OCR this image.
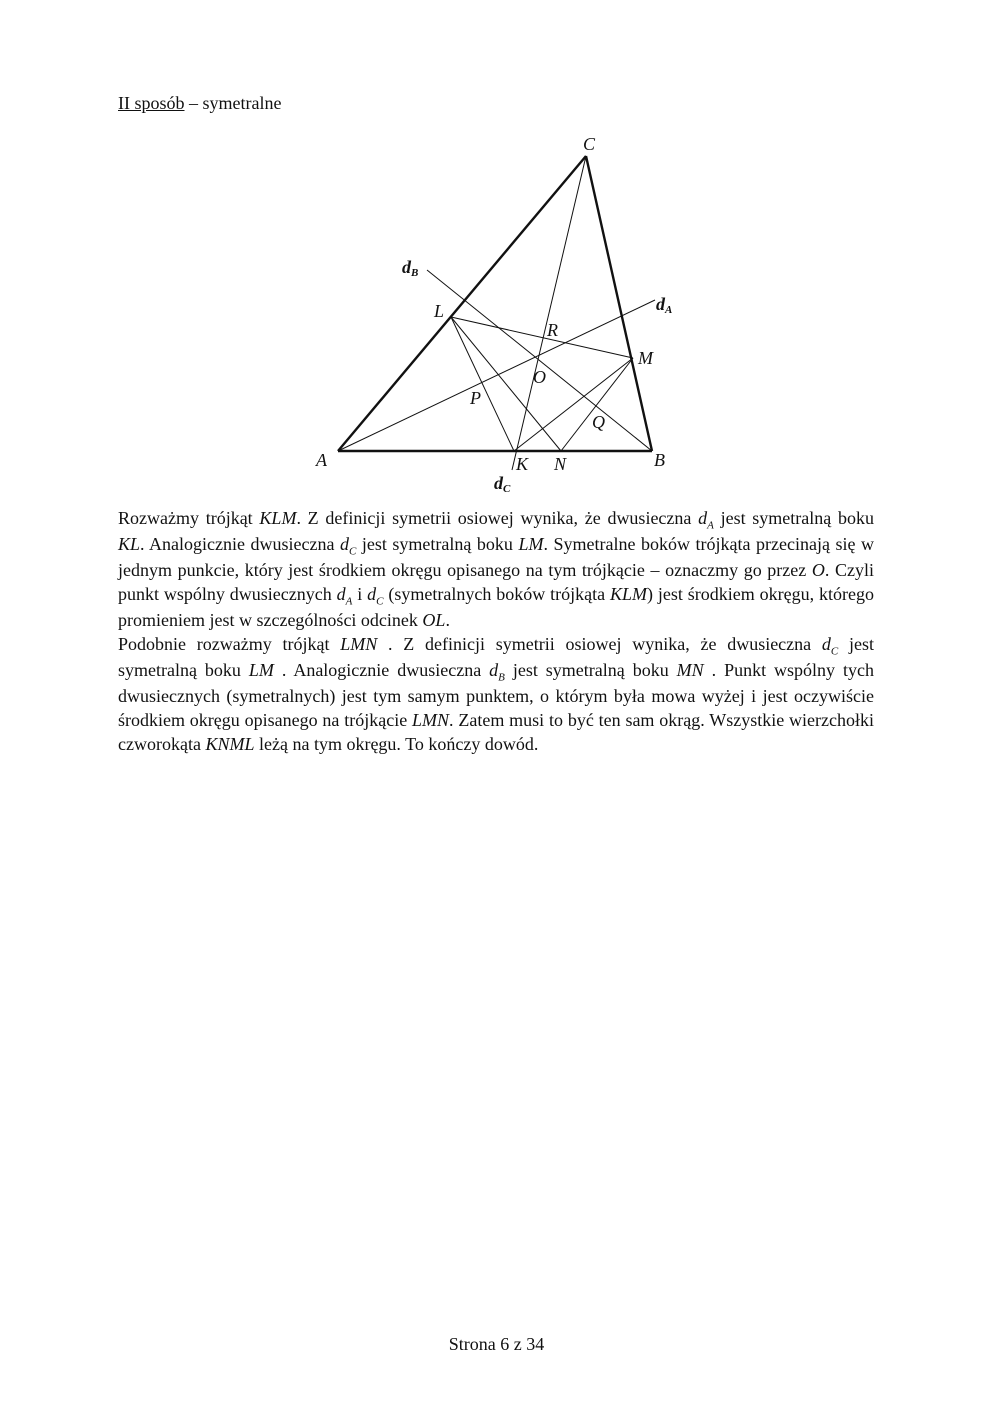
II sposób – symetralne
C
A	B
K N
L
M
R
O
P
Q
dA
dB
dC

Rozważmy trójkąt KLM. Z definicji symetrii osiowej wynika, że dwusieczna $d_A$ jest symetralną boku KL. Analogicznie dwusieczna $d_C$ jest symetralną boku LM. Symetralne boków trójkąta przecinają się w jednym punkcie, który jest środkiem okręgu opisanego na tym trójkącie – oznaczmy go przez O. Czyli punkt wspólny dwusiecznych $d_A$ i $d_C$ (symetralnych boków trójkąta KLM) jest środkiem okręgu, którego promieniem jest w szczególności odcinek OL.

Podobnie rozważmy trójkąt LMN . Z definicji symetrii osiowej wynika, że dwusieczna $d_C$ jest symetralną boku LM . Analogicznie dwusieczna $d_B$ jest symetralną boku MN . Punkt wspólny tych dwusiecznych (symetralnych) jest tym samym punktem, o którym była mowa wyżej i jest oczywiście środkiem okręgu opisanego na trójkącie LMN. Zatem musi to być ten sam okrąg. Wszystkie wierzchołki czworokąta KNML leżą na tym okręgu. To kończy dowód.

Strona 6 z 34
